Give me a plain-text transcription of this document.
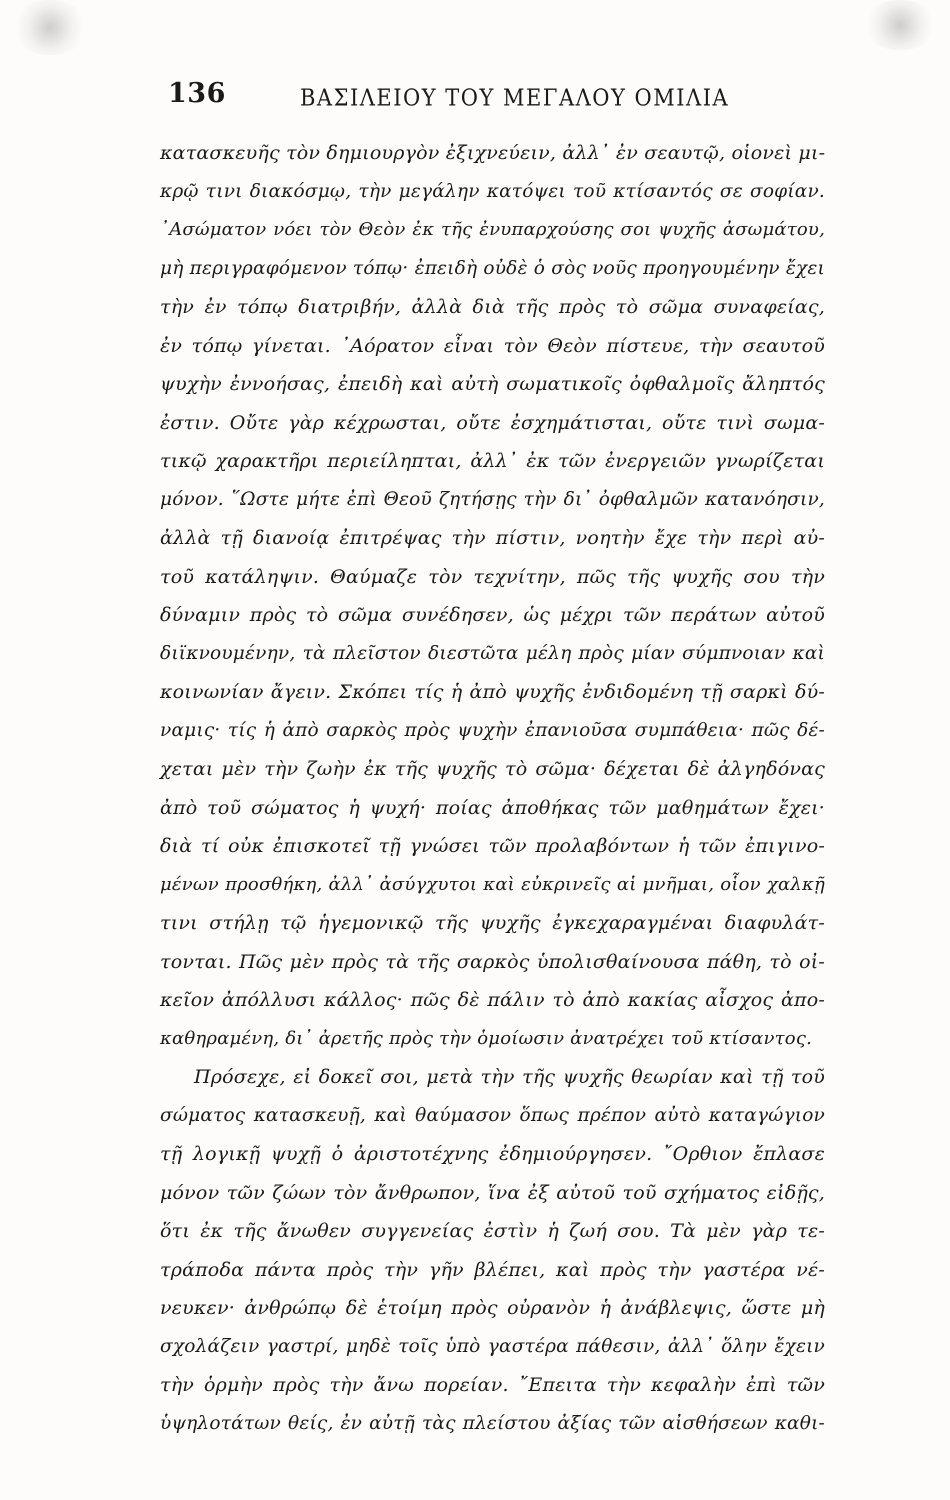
136	ΒΑΣΙΛΕΙΟΥ ΤΟΥ ΜΕΓΑΛΟΥ ΟΜΙΛΙΑ
κατασκευῆς τὸν δημιουργὸν ἐξιχνεύειν, ἀλλ᾽ ἐν σεαυτῷ, οἱονεὶ μι-
κρῷ τινι διακόσμῳ, τὴν μεγάλην κατόψει τοῦ κτίσαντός σε σοφίαν.
᾽Ασώματον νόει τὸν Θεὸν ἐκ τῆς ἐνυπαρχούσης σοι ψυχῆς ἀσωμάτου,
μὴ περιγραφόμενον τόπῳ· ἐπειδὴ οὐδὲ ὁ σὸς νοῦς προηγουμένην ἔχει
τὴν ἐν τόπῳ διατριβήν, ἀλλὰ διὰ τῆς πρὸς τὸ σῶμα συναφείας,
ἐν τόπῳ γίνεται. ᾽Αόρατον εἶναι τὸν Θεὸν πίστευε, τὴν σεαυτοῦ
ψυχὴν ἐννοήσας, ἐπειδὴ καὶ αὐτὴ σωματικοῖς ὀφθαλμοῖς ἄληπτός
ἐστιν. Οὔτε γὰρ κέχρωσται, οὔτε ἐσχημάτισται, οὔτε τινὶ σωμα-
τικῷ χαρακτῆρι περιείληπται, ἀλλ᾽ ἐκ τῶν ἐνεργειῶν γνωρίζεται
μόνον. ῞Ωστε μήτε ἐπὶ Θεοῦ ζητήσῃς τὴν δι᾽ ὀφθαλμῶν κατανόησιν,
ἀλλὰ τῇ διανοίᾳ ἐπιτρέψας τὴν πίστιν, νοητὴν ἔχε τὴν περὶ αὐ-
τοῦ κατάληψιν. Θαύμαζε τὸν τεχνίτην, πῶς τῆς ψυχῆς σου τὴν
δύναμιν πρὸς τὸ σῶμα συνέδησεν, ὡς μέχρι τῶν περάτων αὐτοῦ
διϊκνουμένην, τὰ πλεῖστον διεστῶτα μέλη πρὸς μίαν σύμπνοιαν καὶ
κοινωνίαν ἄγειν. Σκόπει τίς ἡ ἀπὸ ψυχῆς ἐνδιδομένη τῇ σαρκὶ δύ-
ναμις· τίς ἡ ἀπὸ σαρκὸς πρὸς ψυχὴν ἐπανιοῦσα συμπάθεια· πῶς δέ-
χεται μὲν τὴν ζωὴν ἐκ τῆς ψυχῆς τὸ σῶμα· δέχεται δὲ ἀλγηδόνας
ἀπὸ τοῦ σώματος ἡ ψυχή· ποίας ἀποθήκας τῶν μαθημάτων ἔχει·
διὰ τί οὐκ ἐπισκοτεῖ τῇ γνώσει τῶν προλαβόντων ἡ τῶν ἐπιγινο-
μένων προσθήκη, ἀλλ᾽ ἀσύγχυτοι καὶ εὐκρινεῖς αἱ μνῆμαι, οἷον χαλκῇ
τινι στήλῃ τῷ ἡγεμονικῷ τῆς ψυχῆς ἐγκεχαραγμέναι διαφυλάτ-
τονται. Πῶς μὲν πρὸς τὰ τῆς σαρκὸς ὑπολισθαίνουσα πάθη, τὸ οἰ-
κεῖον ἀπόλλυσι κάλλος· πῶς δὲ πάλιν τὸ ἀπὸ κακίας αἶσχος ἀπο-
καθηραμένη, δι᾽ ἀρετῆς πρὸς τὴν ὁμοίωσιν ἀνατρέχει τοῦ κτίσαντος.
Πρόσεχε, εἰ δοκεῖ σοι, μετὰ τὴν τῆς ψυχῆς θεωρίαν καὶ τῇ τοῦ
σώματος κατασκευῇ, καὶ θαύμασον ὅπως πρέπον αὐτὸ καταγώγιον
τῇ λογικῇ ψυχῇ ὁ ἀριστοτέχνης ἐδημιούργησεν. ῎Ορθιον ἔπλασε
μόνον τῶν ζώων τὸν ἄνθρωπον, ἵνα ἐξ αὐτοῦ τοῦ σχήματος εἰδῇς,
ὅτι ἐκ τῆς ἄνωθεν συγγενείας ἐστὶν ἡ ζωή σου. Τὰ μὲν γὰρ τε-
τράποδα πάντα πρὸς τὴν γῆν βλέπει, καὶ πρὸς τὴν γαστέρα νέ-
νευκεν· ἀνθρώπῳ δὲ ἑτοίμη πρὸς οὐρανὸν ἡ ἀνάβλεψις, ὥστε μὴ
σχολάζειν γαστρί, μηδὲ τοῖς ὑπὸ γαστέρα πάθεσιν, ἀλλ᾽ ὅλην ἔχειν
τὴν ὁρμὴν πρὸς τὴν ἄνω πορείαν. ῎Επειτα τὴν κεφαλὴν ἐπὶ τῶν
ὑψηλοτάτων θείς, ἐν αὐτῇ τὰς πλείστου ἀξίας τῶν αἰσθήσεων καθι-
